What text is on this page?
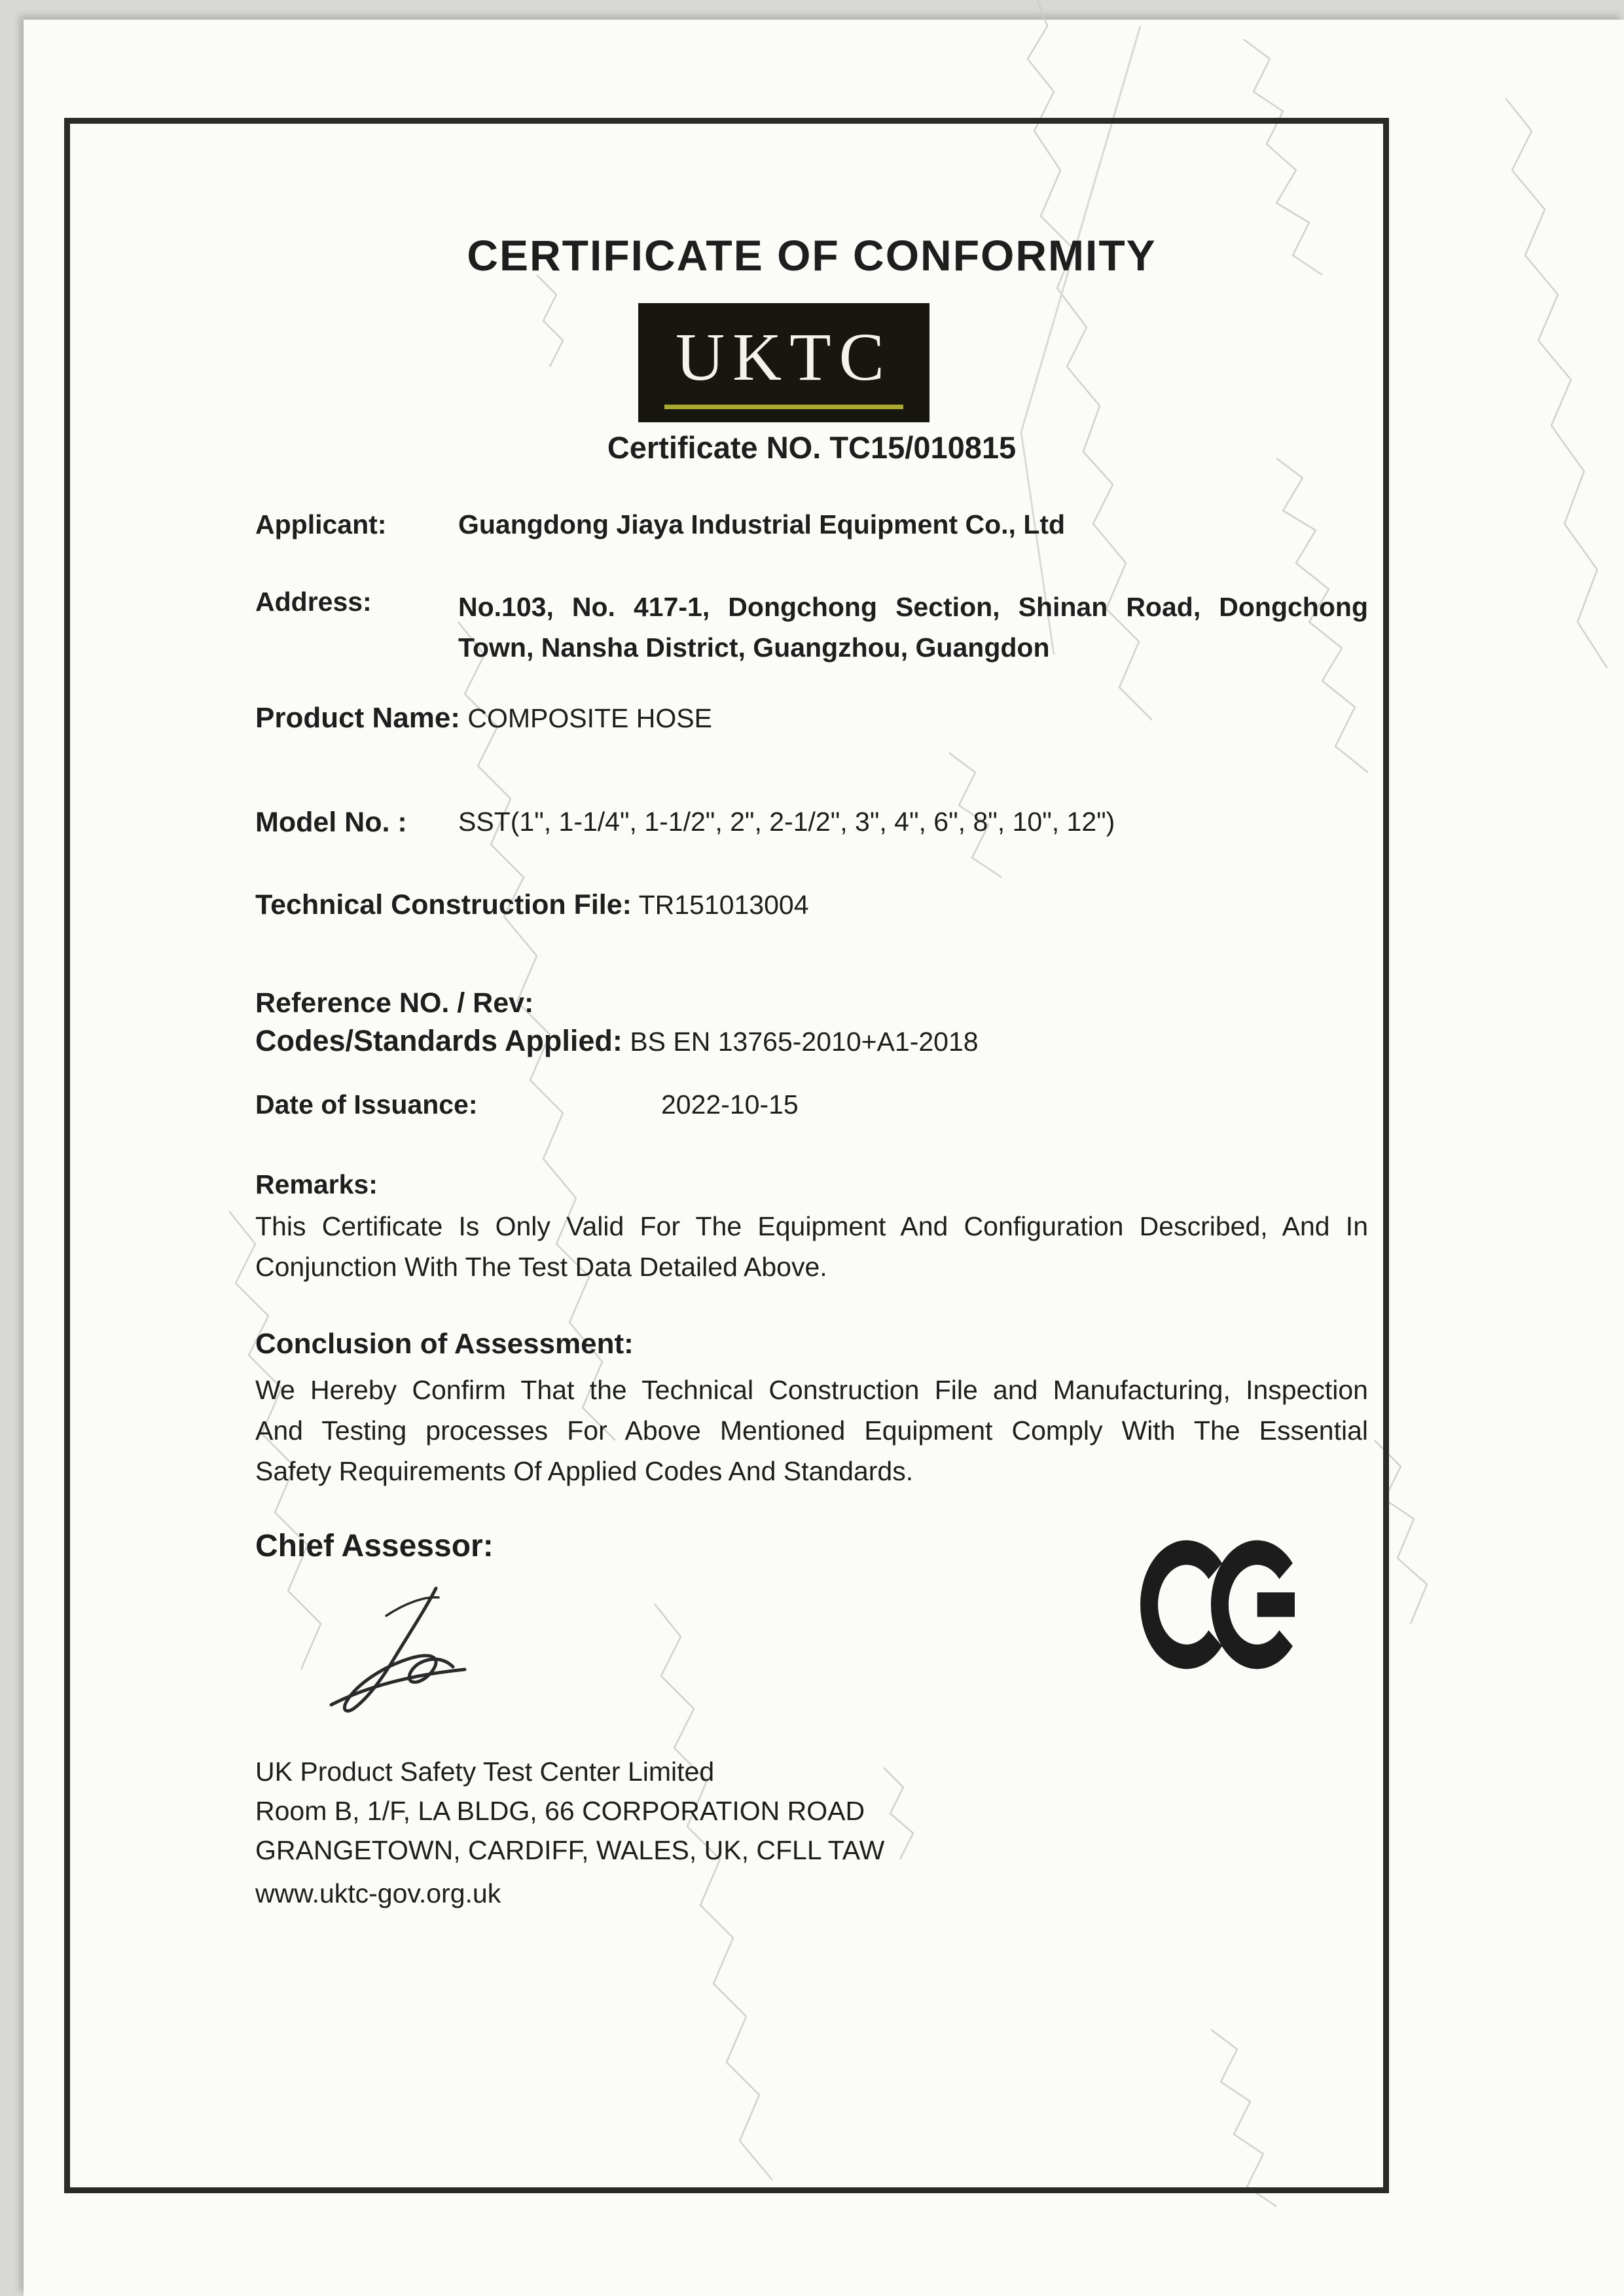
CERTIFICATE OF CONFORMITY
UKTC
Certificate NO. TC15/010815
Applicant:	Guangdong Jiaya Industrial Equipment Co., Ltd
Address:	No.103, No. 417-1, Dongchong Section, Shinan Road, Dongchong
Town, Nansha District, Guangzhou, Guangdon
Product Name: COMPOSITE HOSE
Model No. :	SST(1", 1-1/4", 1-1/2", 2", 2-1/2", 3", 4", 6", 8", 10", 12")
Technical Construction File: TR151013004
Reference NO. / Rev:
Codes/Standards Applied: BS EN 13765-2010+A1-2018
Date of Issuance:	2022-10-15
Remarks:
This Certificate Is Only Valid For The Equipment And Configuration Described, And In
Conjunction With The Test Data Detailed Above.
Conclusion of Assessment:
We Hereby Confirm That the Technical Construction File and Manufacturing, Inspection
And Testing processes For Above Mentioned Equipment Comply With The Essential
Safety Requirements Of Applied Codes And Standards.
Chief Assessor:
UK Product Safety Test Center Limited
Room B, 1/F, LA BLDG, 66 CORPORATION ROAD
GRANGETOWN, CARDIFF, WALES, UK, CFLL TAW
www.uktc-gov.org.uk
